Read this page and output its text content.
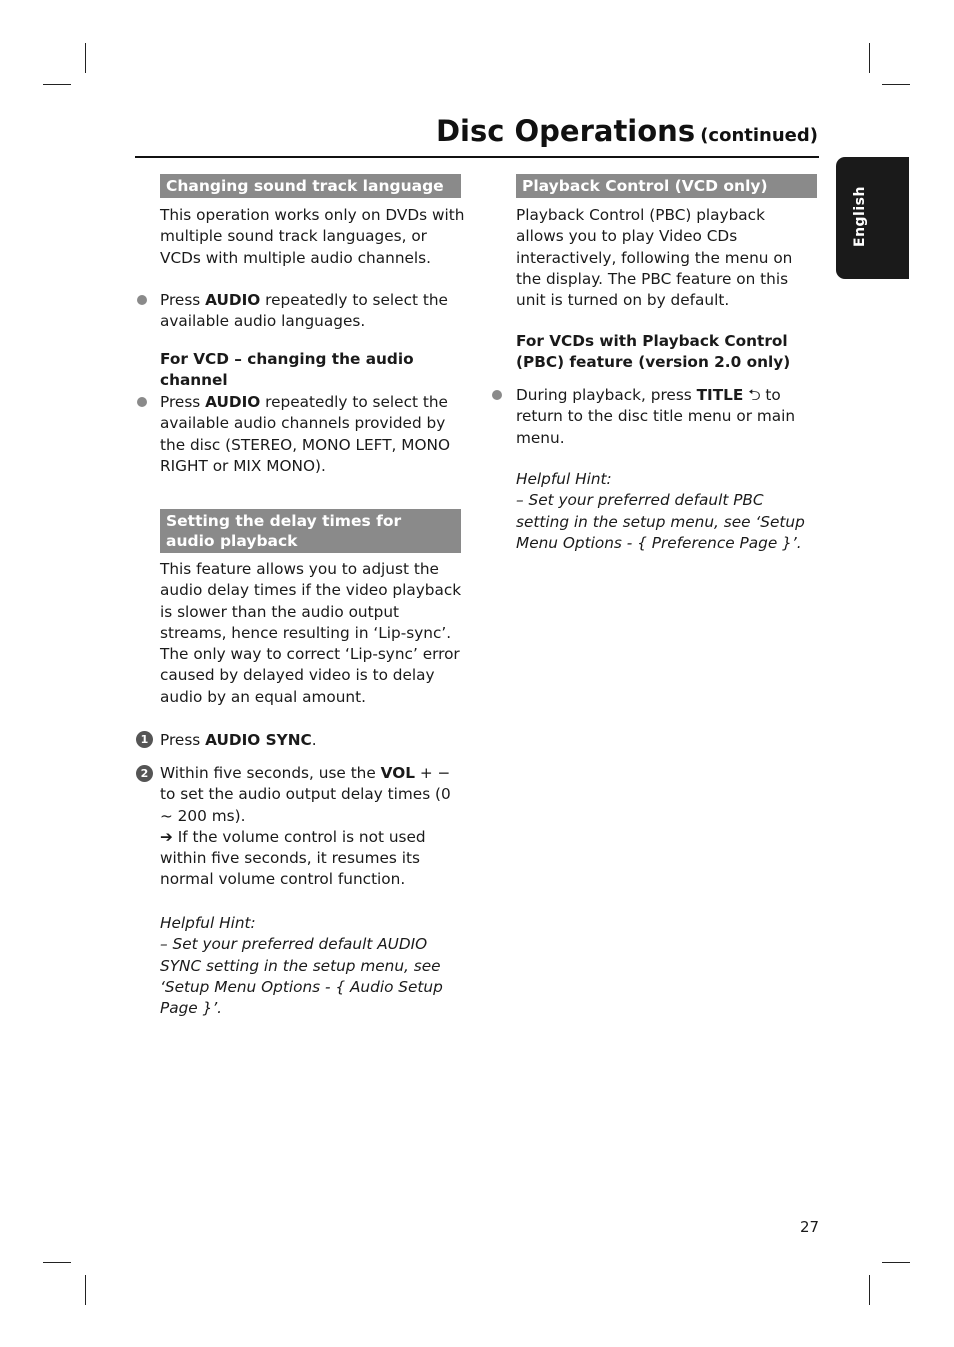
Disc Operations (continued)
English
Changing sound track language
This operation works only on DVDs with multiple sound track languages, or VCDs with multiple audio channels.
Press AUDIO repeatedly to select the available audio languages.
For VCD – changing the audio channel
Press AUDIO repeatedly to select the available audio channels provided by the disc (STEREO, MONO LEFT, MONO RIGHT or MIX MONO).
Setting the delay times for audio playback
This feature allows you to adjust the audio delay times if the video playback is slower than the audio output streams, hence resulting in ‘Lip-sync’. The only way to correct ‘Lip-sync’ error caused by delayed video is to delay audio by an equal amount.
1 Press AUDIO SYNC.
2 Within five seconds, use the VOL + − to set the audio output delay times (0 ~ 200 ms).
➔ If the volume control is not used within five seconds, it resumes its normal volume control function.
Helpful Hint:
– Set your preferred default AUDIO SYNC setting in the setup menu, see ‘Setup Menu Options - { Audio Setup Page }’.
Playback Control (VCD only)
Playback Control (PBC) playback allows you to play Video CDs interactively, following the menu on the display. The PBC feature on this unit is turned on by default.
For VCDs with Playback Control (PBC) feature (version 2.0 only)
During playback, press TITLE ⮌ to return to the disc title menu or main menu.
Helpful Hint:
– Set your preferred default PBC setting in the setup menu, see ‘Setup Menu Options - { Preference Page }’.
27
